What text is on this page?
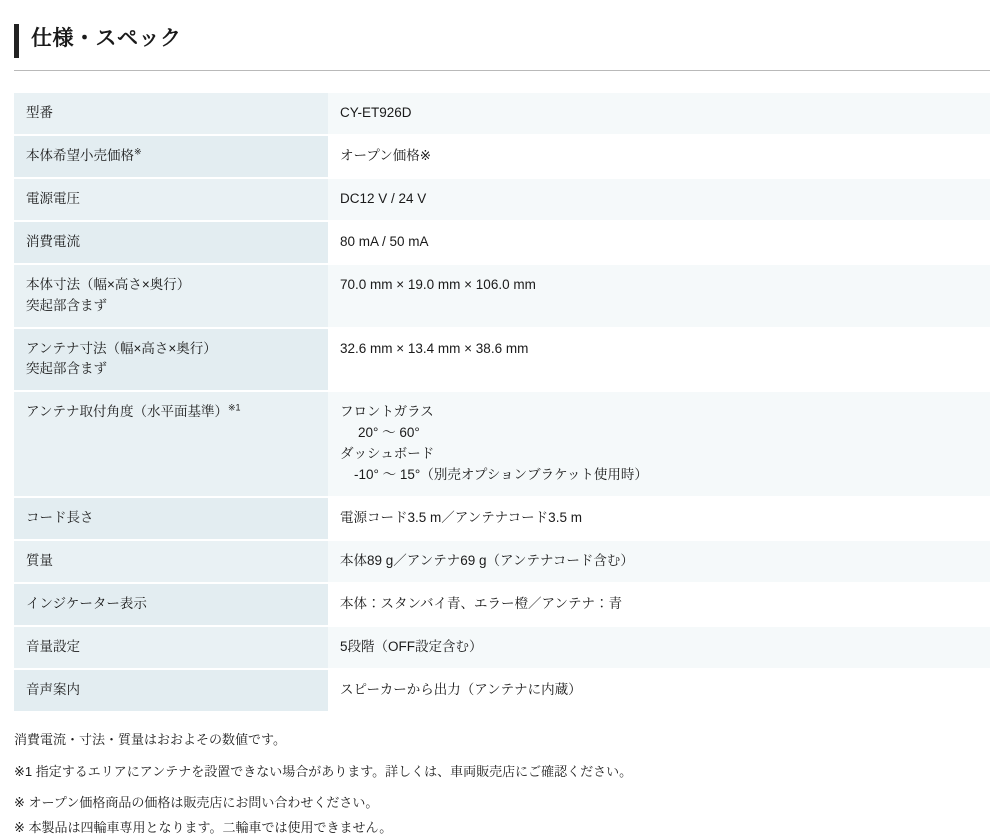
仕様・スペック
型番	CY-ET926D

本体希望小売価格※	オープン価格※

電源電圧	DC12 V / 24 V

消費電流	80 mA / 50 mA

本体寸法（幅×高さ×奥行）
突起部含まず	70.0 mm × 19.0 mm × 106.0 mm

アンテナ寸法（幅×高さ×奥行）
突起部含まず	32.6 mm × 13.4 mm × 38.6 mm

アンテナ取付角度（水平面基準）$^{※1}$	フロントガラス
20° 〜 60°
ダッシュボード
-10° 〜 15°（別売オプションブラケット使用時）

コード長さ	電源コード3.5 m／アンテナコード3.5 m

質量	本体89 g／アンテナ69 g（アンテナコード含む）

インジケーター表示	本体：スタンバイ青、エラー橙／アンテナ：青

音量設定	5段階（OFF設定含む）

音声案内	スピーカーから出力（アンテナに内蔵）

消費電流・寸法・質量はおおよその数値です。

※1 指定するエリアにアンテナを設置できない場合があります。詳しくは、車両販売店にご確認ください。

※ オープン価格商品の価格は販売店にお問い合わせください。

※ 本製品は四輪車専用となります。二輪車では使用できません。
